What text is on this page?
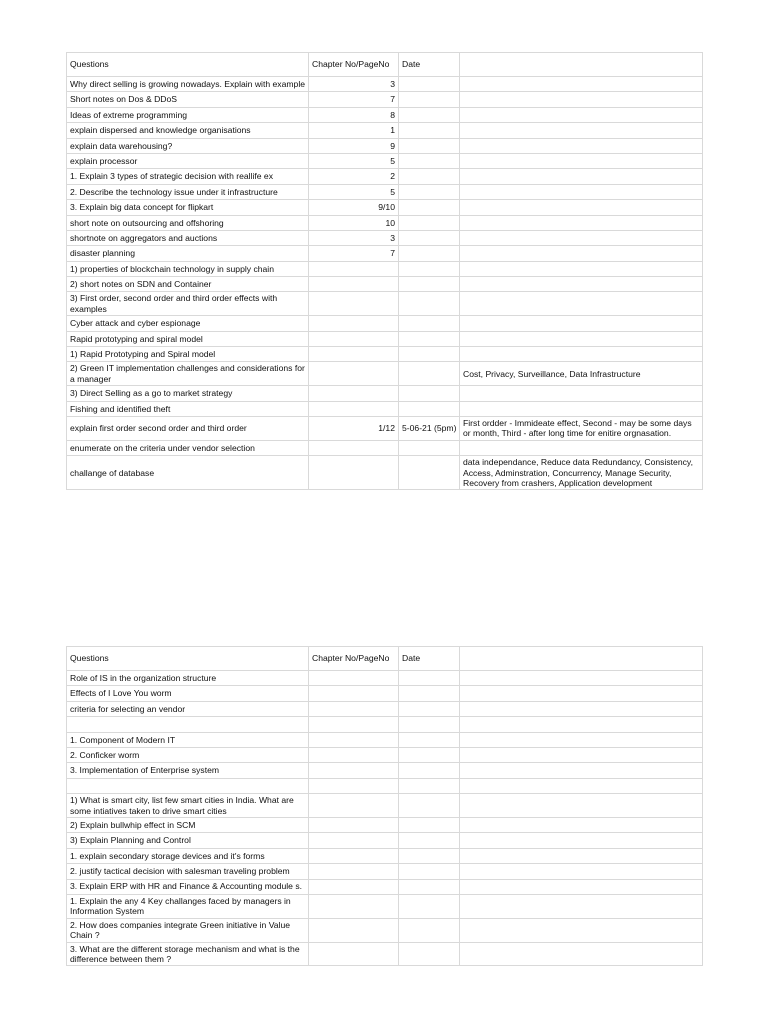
Questions	Chapter No/PageNo	Date	
Why direct selling is growing nowadays. Explain with example	3		
Short notes on Dos & DDoS	7		
Ideas of extreme programming	8		
explain dispersed and knowledge organisations	1		
explain data warehousing?	9		
explain processor	5		
1. Explain 3 types of strategic decision with reallife ex	2		
2. Describe the technology issue under it infrastructure	5		
3. Explain big data concept for flipkart	9/10		
short note on outsourcing and offshoring	10		
shortnote on aggregators and auctions	3		
disaster planning	7		
1) properties of blockchain technology in supply chain			
2) short notes on SDN and Container			
3) First order, second order and third order effects with examples			
Cyber attack and cyber espionage			
Rapid prototyping and spiral model			
1) Rapid Prototyping and Spiral model			
2) Green IT implementation challenges and considerations for a manager			Cost, Privacy, Surveillance, Data Infrastructure
3) Direct Selling as a go to market strategy			
Fishing and identified theft			
explain first order second order and third order	1/12	5-06-21 (5pm)	First ordder - Immideate effect, Second - may be some days or month, Third - after long time for enitire orgnasation.
enumerate on the criteria under vendor selection			
challange of database			data independance, Reduce data Redundancy, Consistency, Access, Adminstration, Concurrency, Manage Security, Recovery from crashers, Application development
Questions	Chapter No/PageNo	Date	
Role of IS in the organization structure			
Effects of I Love You worm			
criteria for selecting an vendor			

1. Component of Modern IT			
2. Conficker worm			
3. Implementation of Enterprise system			

1) What is smart city, list few smart cities in India. What are some intiatives taken to drive smart cities			
2) Explain bullwhip effect in SCM			
3) Explain Planning and Control			
1. explain secondary storage devices and it's forms			
2. justify tactical decision with salesman traveling problem			
3. Explain ERP with HR and Finance & Accounting module s.			
1. Explain the any 4 Key challanges faced by managers in Information System			
2. How does companies integrate Green initiative in Value Chain ?			
3. What are the different storage mechanism and what is the difference between them ?			
